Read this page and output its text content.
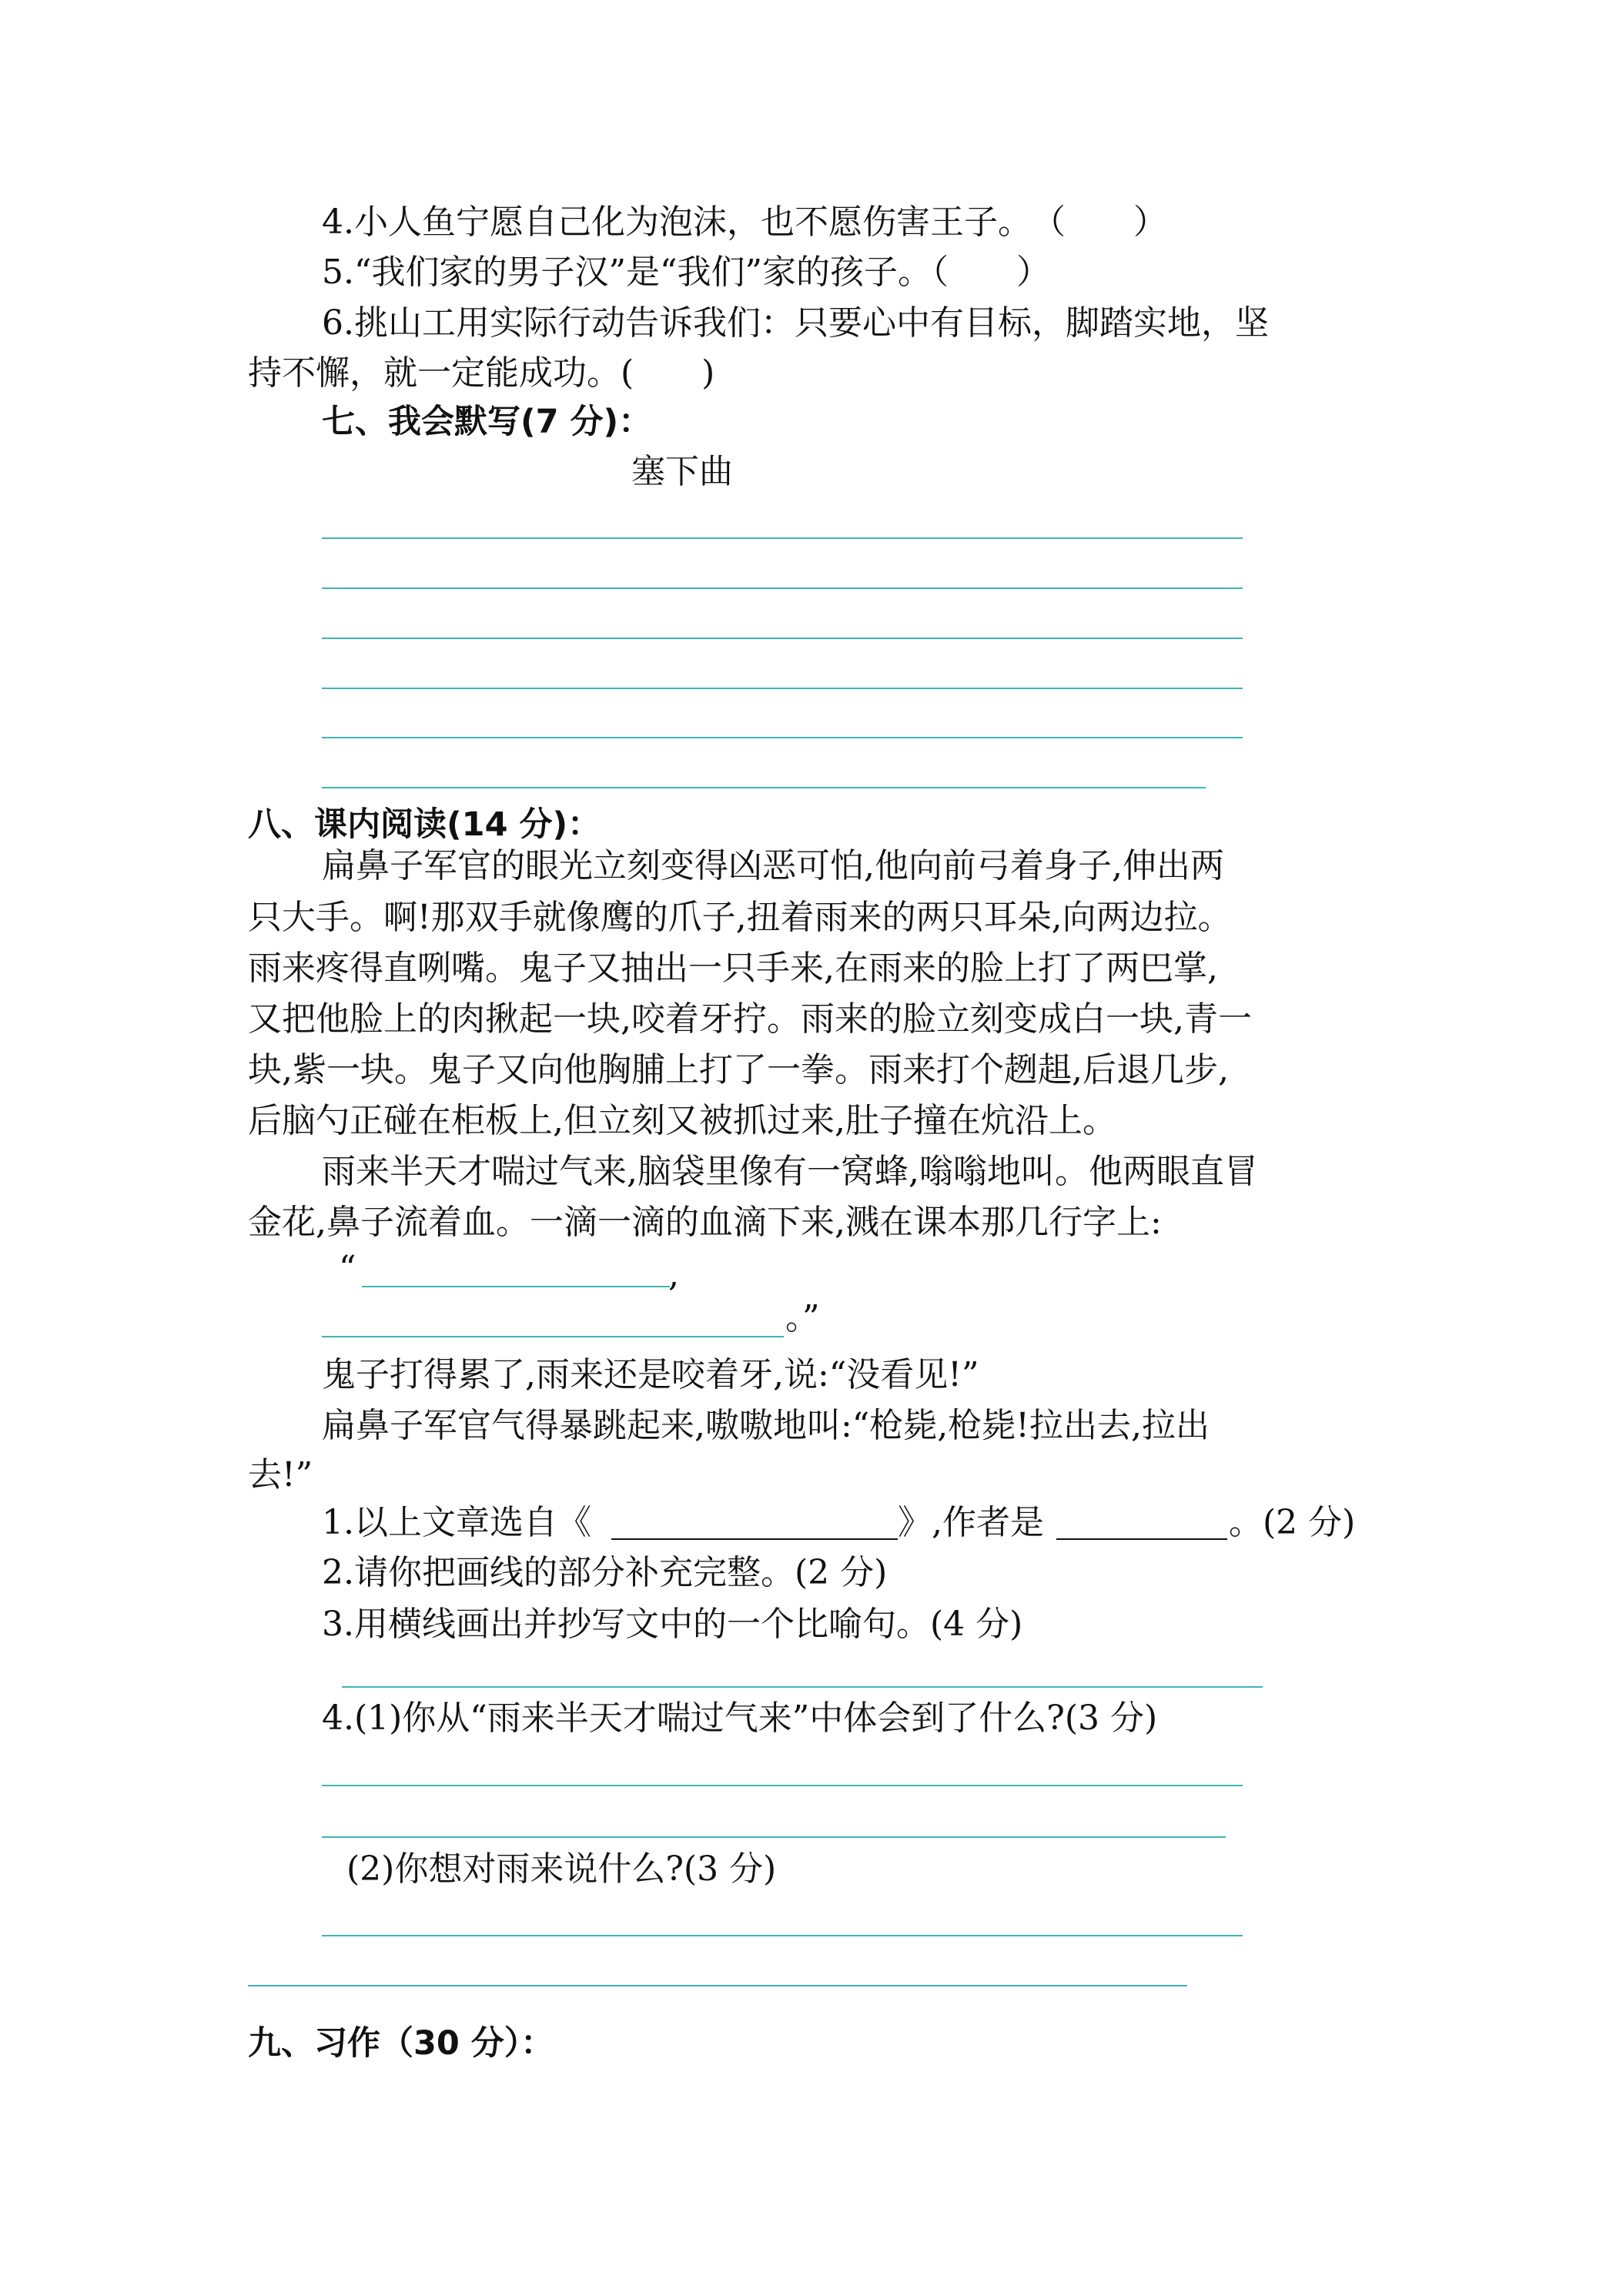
4.小人鱼宁愿自己化为泡沫，也不愿伤害王子。　（　　）
5.“我们家的男子汉”是“我们”家的孩子。（　　）
6.挑山工用实际行动告诉我们：只要心中有目标，脚踏实地，坚
持不懈，就一定能成功。(　　)
七、我会默写(7 分)：
塞下曲
八、课内阅读(14 分)：
扁鼻子军官的眼光立刻变得凶恶可怕,他向前弓着身子,伸出两
只大手。啊!那双手就像鹰的爪子,扭着雨来的两只耳朵,向两边拉。
雨来疼得直咧嘴。鬼子又抽出一只手来,在雨来的脸上打了两巴掌,
又把他脸上的肉揪起一块,咬着牙拧。雨来的脸立刻变成白一块,青一
块,紫一块。鬼子又向他胸脯上打了一拳。雨来打个趔趄,后退几步,
后脑勺正碰在柜板上,但立刻又被抓过来,肚子撞在炕沿上。
雨来半天才喘过气来,脑袋里像有一窝蜂,嗡嗡地叫。他两眼直冒
金花,鼻子流着血。一滴一滴的血滴下来,溅在课本那几行字上:
“	,
。”
鬼子打得累了,雨来还是咬着牙,说:“没看见!”
扁鼻子军官气得暴跳起来,嗷嗷地叫:“枪毙,枪毙!拉出去,拉出
去!”
1.以上文章选自《	》,作者是	。(2 分)
2.请你把画线的部分补充完整。(2 分)
3.用横线画出并抄写文中的一个比喻句。(4 分)
4.(1)你从“雨来半天才喘过气来”中体会到了什么?(3 分)
(2)你想对雨来说什么?(3 分)
九、习作（30 分）：
